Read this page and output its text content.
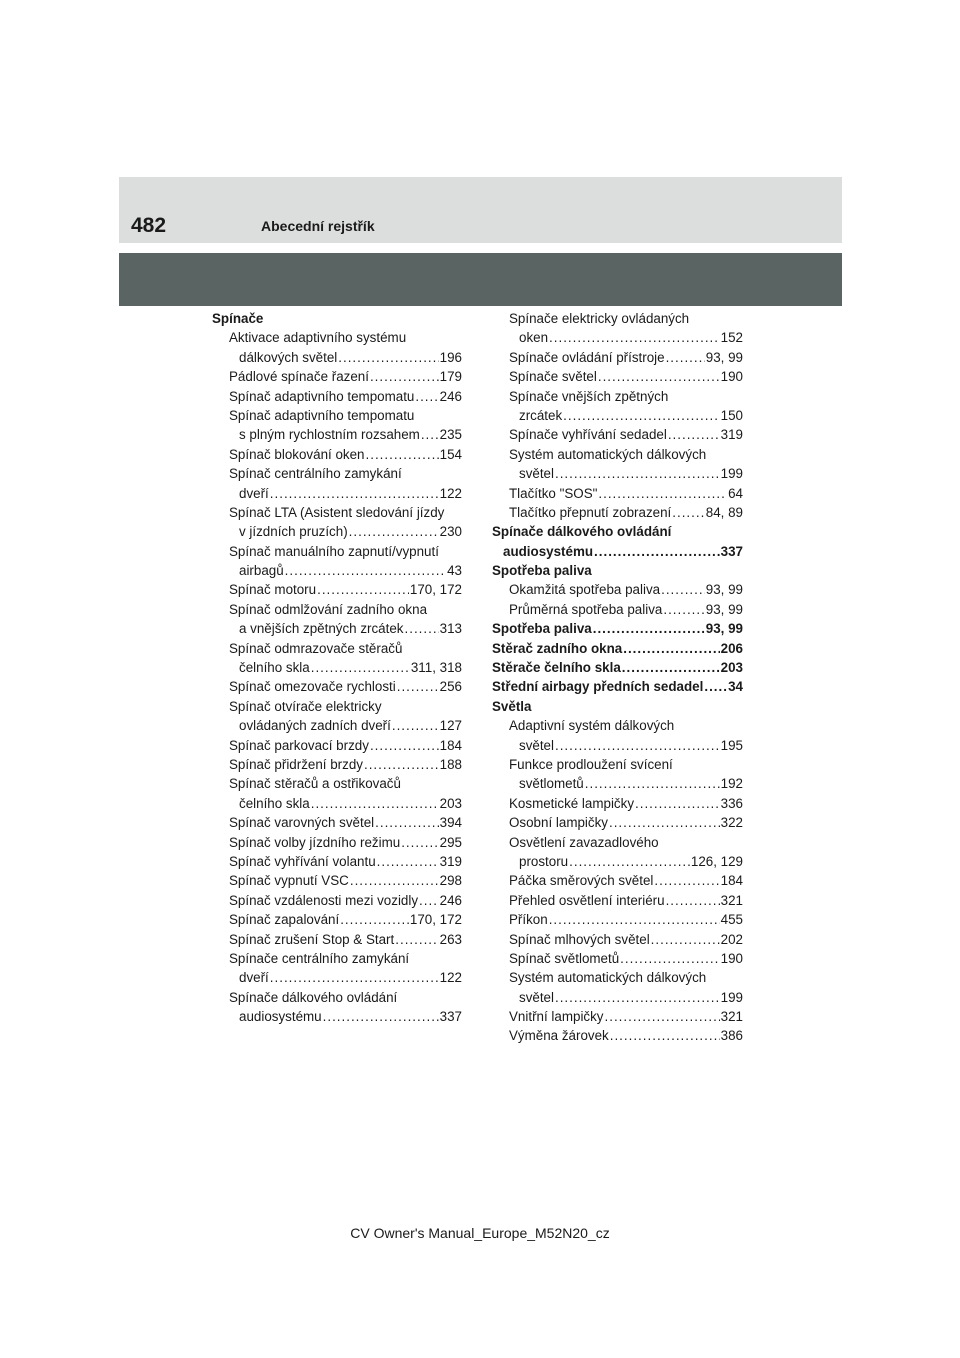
482	Abecední rejstřík
Spínače
Aktivace adaptivního systému
dálkových světel .....	196
Pádlové spínače řazení .....	179
Spínač adaptivního tempomatu ..... 246
Spínač adaptivního tempomatu
s plným rychlostním rozsahem ..... 235
Spínač blokování oken .....	154
Spínač centrálního zamykání
dveří .....	122
Spínač LTA (Asistent sledování jízdy
v jízdních pruzích) .....	230
Spínač manuálního zapnutí/vypnutí
airbagů .....	43
Spínač motoru .....	170, 172
Spínač odmlžování zadního okna
a vnějších zpětných zrcátek .....	313
Spínač odmrazovače stěračů
čelního skla .....	311, 318
Spínač omezovače rychlosti .....	256
Spínač otvírače elektricky
ovládaných zadních dveří .....	127
Spínač parkovací brzdy .....	184
Spínač přidržení brzdy .....	188
Spínač stěračů a ostřikovačů
čelního skla .....	203
Spínač varovných světel .....	394
Spínač volby jízdního režimu .....	295
Spínač vyhřívání volantu .....	319
Spínač vypnutí VSC .....	298
Spínač vzdálenosti mezi vozidly ..... 246
Spínač zapalování .....	170, 172
Spínač zrušení Stop & Start .....	263
Spínače centrálního zamykání
dveří .....	122
Spínače dálkového ovládání
audiosystému .....	337
Spínače elektricky ovládaných
oken .....	152
Spínače ovládání přístroje .....	93, 99
Spínače světel .....	190
Spínače vnějších zpětných
zrcátek .....	150
Spínače vyhřívání sedadel .....	319
Systém automatických dálkových
světel .....	199
Tlačítko "SOS" .....	64
Tlačítko přepnutí zobrazení .....	84, 89
Spínače dálkového ovládání
audiosystému .....	337
Spotřeba paliva
Okamžitá spotřeba paliva .....	93, 99
Průměrná spotřeba paliva .....	93, 99
Spotřeba paliva .....	93, 99
Stěrač zadního okna .....	206
Stěrače čelního skla .....	203
Střední airbagy předních sedadel ..... 34
Světla
Adaptivní systém dálkových
světel .....	195
Funkce prodloužení svícení
světlometů .....	192
Kosmetické lampičky .....	336
Osobní lampičky .....	322
Osvětlení zavazadlového
prostoru .....	126, 129
Páčka směrových světel .....	184
Přehled osvětlení interiéru .....	321
Příkon .....	455
Spínač mlhových světel .....	202
Spínač světlometů .....	190
Systém automatických dálkových
světel .....	199
Vnitřní lampičky .....	321
Výměna žárovek .....	386
CV Owner's Manual_Europe_M52N20_cz
